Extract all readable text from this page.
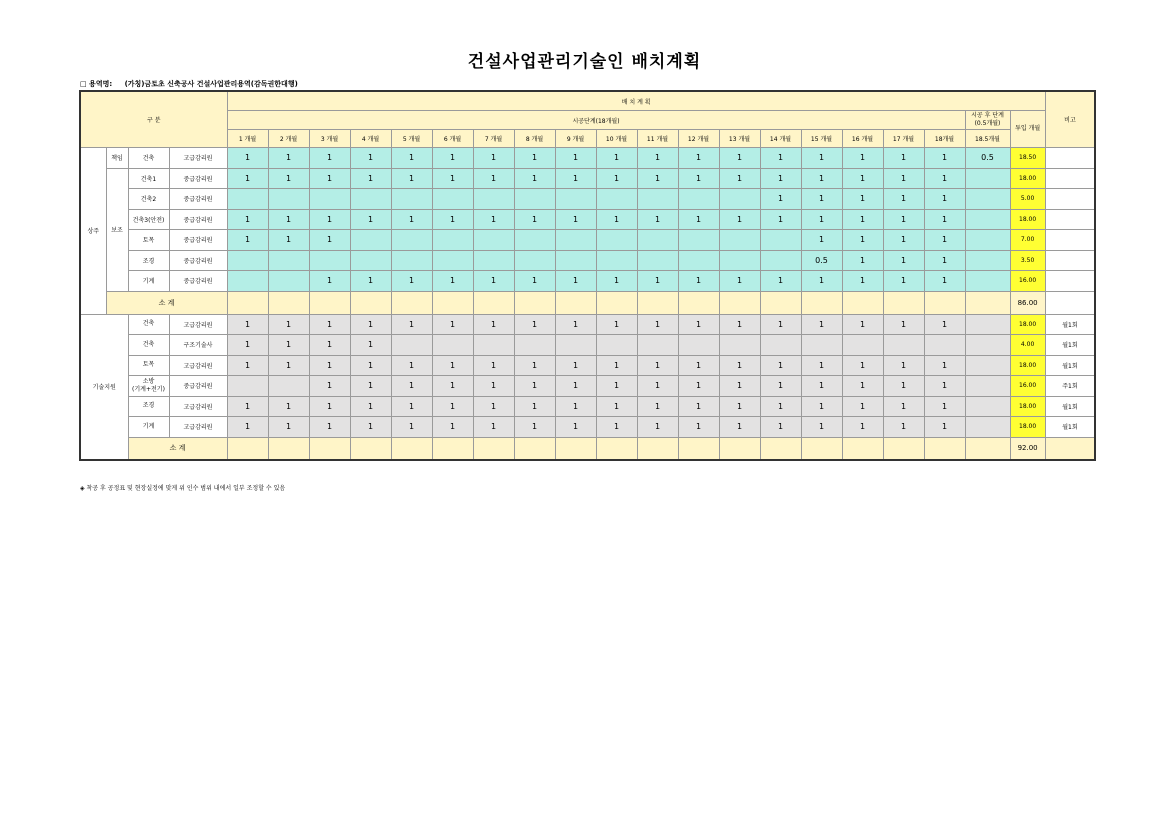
건설사업관리기술인 배치계획
□ 용역명: (가칭)금토초 신축공사 건설사업관리용역(감독권한대행)
구 분				배 치 계 획																				비고
				시공단계(18개월)																		시공 후 단계 (0.5개월)	투입 개월	
				1 개월	2 개월	3 개월	4 개월	5 개월	6 개월	7 개월	8 개월	9 개월	10 개월	11 개월	12 개월	13 개월	14 개월	15 개월	16 개월	17 개월	18개월	18.5개월		
상주	책임	건축	고급감리원	1	1	1	1	1	1	1	1	1	1	1	1	1	1	1	1	1	1	0.5	18.50	
	보조	건축1	중급감리원	1	1	1	1	1	1	1	1	1	1	1	1	1	1	1	1	1	1		18.00	
		건축2	중급감리원														1	1	1	1	1		5.00	
		건축3(안전)	중급감리원	1	1	1	1	1	1	1	1	1	1	1	1	1	1	1	1	1	1		18.00	
		토목	중급감리원	1	1	1												1	1	1	1		7.00	
		조경	중급감리원															0.5	1	1	1		3.50	
		기계	중급감리원			1	1	1	1	1	1	1	1	1	1	1	1	1	1	1	1		16.00	
	소 계																						86.00	
기술지원		건축	고급감리원	1	1	1	1	1	1	1	1	1	1	1	1	1	1	1	1	1	1		18.00	월1회
		건축	구조기술사	1	1	1	1																4.00	월1회
		토목	고급감리원	1	1	1	1	1	1	1	1	1	1	1	1	1	1	1	1	1	1		18.00	월1회
		소방
(기계+전기)	중급감리원			1	1	1	1	1	1	1	1	1	1	1	1	1	1	1	1		16.00	주1회
		조경	고급감리원	1	1	1	1	1	1	1	1	1	1	1	1	1	1	1	1	1	1		18.00	월1회
		기계	고급감리원	1	1	1	1	1	1	1	1	1	1	1	1	1	1	1	1	1	1		18.00	월1회
		소 계																					92.00	
◈ 착공 후 공정표 및 현장실정에 맞게 위 인수 범위 내에서 일부 조정할 수 있음
